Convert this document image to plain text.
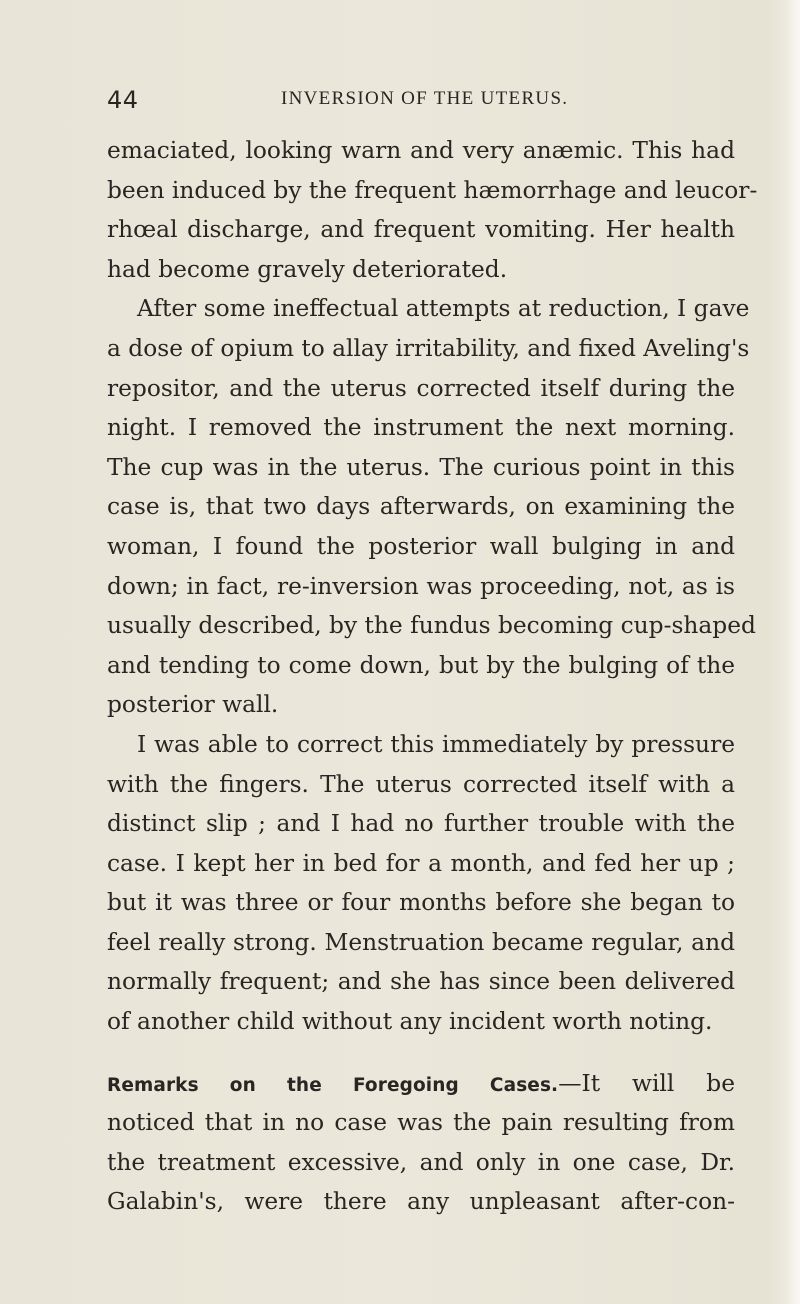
44	INVERSION OF THE UTERUS.
emaciated, looking warn and very anæmic. This had
been induced by the frequent hæmorrhage and leucor-
rhœal discharge, and frequent vomiting. Her health
had become gravely deteriorated.
After some ineffectual attempts at reduction, I gave
a dose of opium to allay irritability, and fixed Aveling's
repositor, and the uterus corrected itself during the
night. I removed the instrument the next morning.
The cup was in the uterus. The curious point in this
case is, that two days afterwards, on examining the
woman, I found the posterior wall bulging in and
down; in fact, re-inversion was proceeding, not, as is
usually described, by the fundus becoming cup-shaped
and tending to come down, but by the bulging of the
posterior wall.
I was able to correct this immediately by pressure
with the fingers. The uterus corrected itself with a
distinct slip ; and I had no further trouble with the
case. I kept her in bed for a month, and fed her up ;
but it was three or four months before she began to
feel really strong. Menstruation became regular, and
normally frequent; and she has since been delivered
of another child without any incident worth noting.
Remarks on the Foregoing Cases.—It will be
noticed that in no case was the pain resulting from
the treatment excessive, and only in one case, Dr.
Galabin's, were there any unpleasant after-con-
